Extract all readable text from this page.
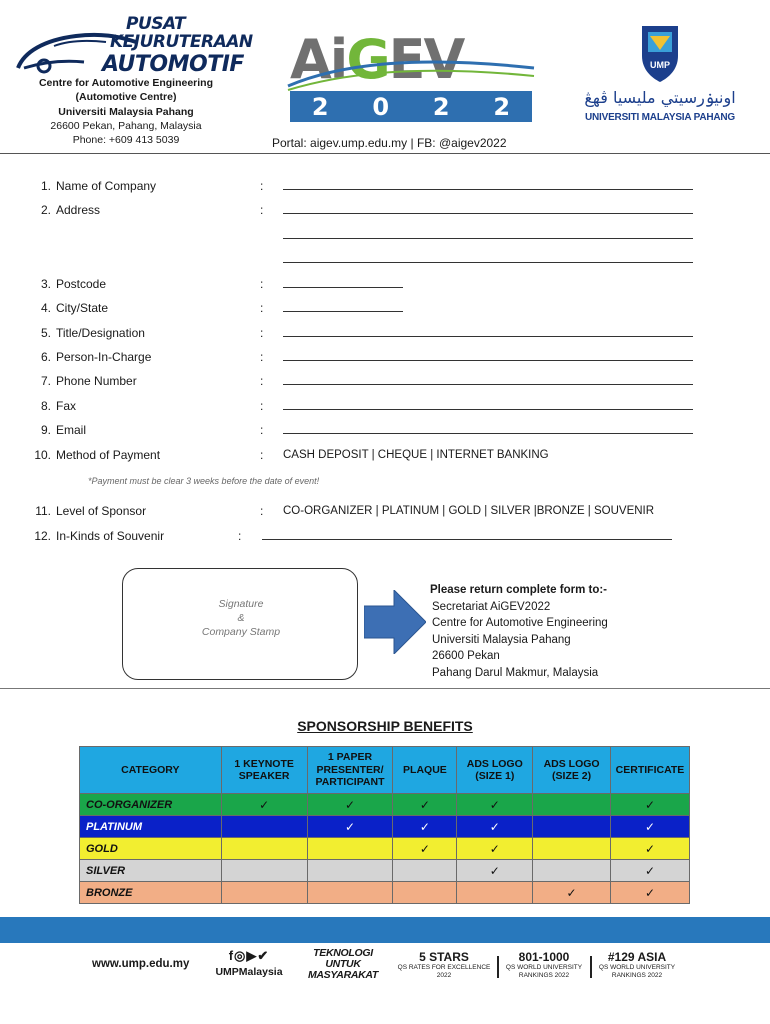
PUSAT
KEJURUTERAAN
AUTOMOTIF
Centre for Automotive Engineering
(Automotive Centre)
Universiti Malaysia Pahang
26600 Pekan, Pahang, Malaysia
Phone: +609 413 5039
AiGEV
2 0 2 2
UMP
اونيۏرسيتي مليسيا ڤهڠ
UNIVERSITI MALAYSIA PAHANG
Portal: aigev.ump.edu.my | FB: @aigev2022
1. Name of Company	:
2. Address	:
3. Postcode	:
4. City/State	:
5. Title/Designation	:
6. Person-In-Charge	:
7. Phone Number	:
8. Fax	:
9. Email	:
10. Method of Payment	: CASH DEPOSIT | CHEQUE | INTERNET BANKING
*Payment must be clear 3 weeks before the date of event!
11. Level of Sponsor	: CO-ORGANIZER | PLATINUM | GOLD | SILVER |BRONZE | SOUVENIR
12. In-Kinds of Souvenir	:
Signature
&
Company Stamp
Please return complete form to:-
Secretariat AiGEV2022
Centre for Automotive Engineering
Universiti Malaysia Pahang
26600 Pekan
Pahang Darul Makmur, Malaysia
SPONSORSHIP BENEFITS
CATEGORY	1 KEYNOTE SPEAKER	1 PAPER PRESENTER/ PARTICIPANT	PLAQUE	ADS LOGO (SIZE 1)	ADS LOGO (SIZE 2)	CERTIFICATE
CO-ORGANIZER	✓	✓	✓	✓		✓
PLATINUM		✓	✓	✓		✓
GOLD			✓	✓		✓
SILVER				✓		✓
BRONZE					✓	✓
www.ump.edu.my
f◎▶✔
UMPMalaysia
TEKNOLOGI
UNTUK
MASYARAKAT
5 STARS
QS RATES FOR EXCELLENCE
2022
801-1000
QS WORLD UNIVERSITY
RANKINGS 2022
#129 ASIA
QS WORLD UNIVERSITY
RANKINGS 2022
